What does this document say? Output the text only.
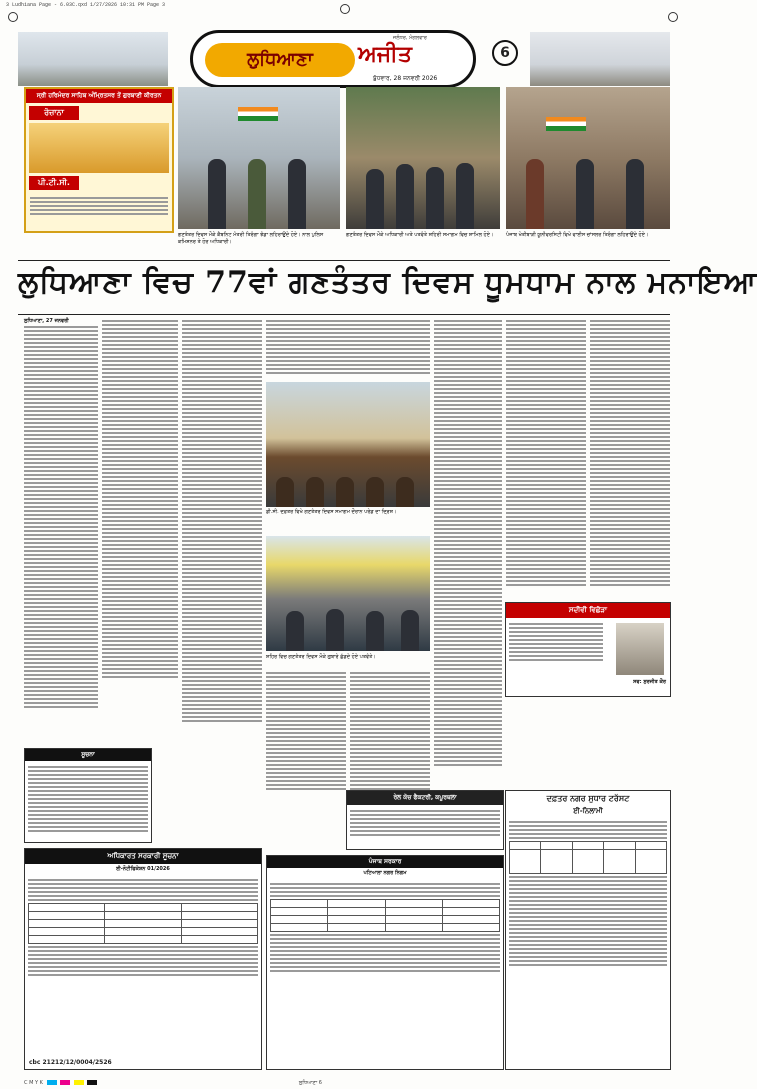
3 Ludhiana Page - 6.03C.qxd 1/27/2026 10:31 PM Page 3
ਜਲੰਧਰ, ਮੰਗਲਵਾਰ
ਲੁਧਿਆਣਾ	ਅਜੀਤ
ਬੁੱਧਵਾਰ, 28 ਜਨਵਰੀ 2026
6
ਸ੍ਰੀ ਹਰਿਮੰਦਰ ਸਾਹਿਬ ਅੰਮ੍ਰਿਤਸਰ ਤੋਂ ਗੁਰਬਾਣੀ ਕੀਰਤਨ
ਰੋਜ਼ਾਨਾ
ਪੀ.ਟੀ.ਸੀ.
ਗਣਤੰਤਰ ਦਿਵਸ ਮੌਕੇ ਕੈਬਨਿਟ ਮੰਤਰੀ ਤਿਰੰਗਾ ਝੰਡਾ ਲਹਿਰਾਉਂਦੇ ਹੋਏ। ਨਾਲ ਪੁਲਿਸ ਕਮਿਸ਼ਨਰ ਤੇ ਹੋਰ ਅਧਿਕਾਰੀ।
ਗਣਤੰਤਰ ਦਿਵਸ ਮੌਕੇ ਅਧਿਕਾਰੀ ਅਤੇ ਪਤਵੰਤੇ ਸ਼ਹਿਰੀ ਸਮਾਗਮ ਵਿਚ ਸ਼ਾਮਿਲ ਹੋਏ।	ਪੰਜਾਬ ਖੇਤੀਬਾੜੀ ਯੂਨੀਵਰਸਿਟੀ ਵਿਖੇ ਵਾਈਸ ਚਾਂਸਲਰ ਤਿਰੰਗਾ ਲਹਿਰਾਉਂਦੇ ਹੋਏ।
ਲੁਧਿਆਣਾ ਵਿਚ 77ਵਾਂ ਗਣਤੰਤਰ ਦਿਵਸ ਧੂਮਧਾਮ ਨਾਲ ਮਨਾਇਆ

ਲੁਧਿਆਣਾ, 27 ਜਨਵਰੀ

ਡੀ.ਸੀ. ਦਫ਼ਤਰ ਵਿਖੇ ਗਣਤੰਤਰ ਦਿਵਸ ਸਮਾਗਮ ਦੌਰਾਨ ਪਰੇਡ ਦਾ ਦ੍ਰਿਸ਼।
ਸ਼ਹਿਰ ਵਿਚ ਗਣਤੰਤਰ ਦਿਵਸ ਮੌਕੇ ਗੁਬਾਰੇ ਛੱਡਦੇ ਹੋਏ ਪਤਵੰਤੇ।
ਸਦੀਵੀ ਵਿਛੋੜਾ
ਸਵ: ਸੁਰਜੀਤ ਕੌਰ
ਸੂਚਨਾ
ਅਧਿਕਾਰਤ ਸਰਕਾਰੀ ਸੂਚਨਾ
ਈ-ਨੋਟੀਫਿਕੇਸ਼ਨ 01/2026

cbc 21212/12/0004/2526
ਰੇਲ ਕੋਚ ਫੈਕਟਰੀ, ਕਪੂਰਥਲਾ
ਪੰਜਾਬ ਸਰਕਾਰ
ਪਟਿਆਲਾ ਨਗਰ ਨਿਗਮ

ਦਫ਼ਤਰ ਨਗਰ ਸੁਧਾਰ ਟਰੱਸਟ
ਈ-ਨਿਲਾਮੀ

C M Y K	ਲੁਧਿਆਣਾ 6
